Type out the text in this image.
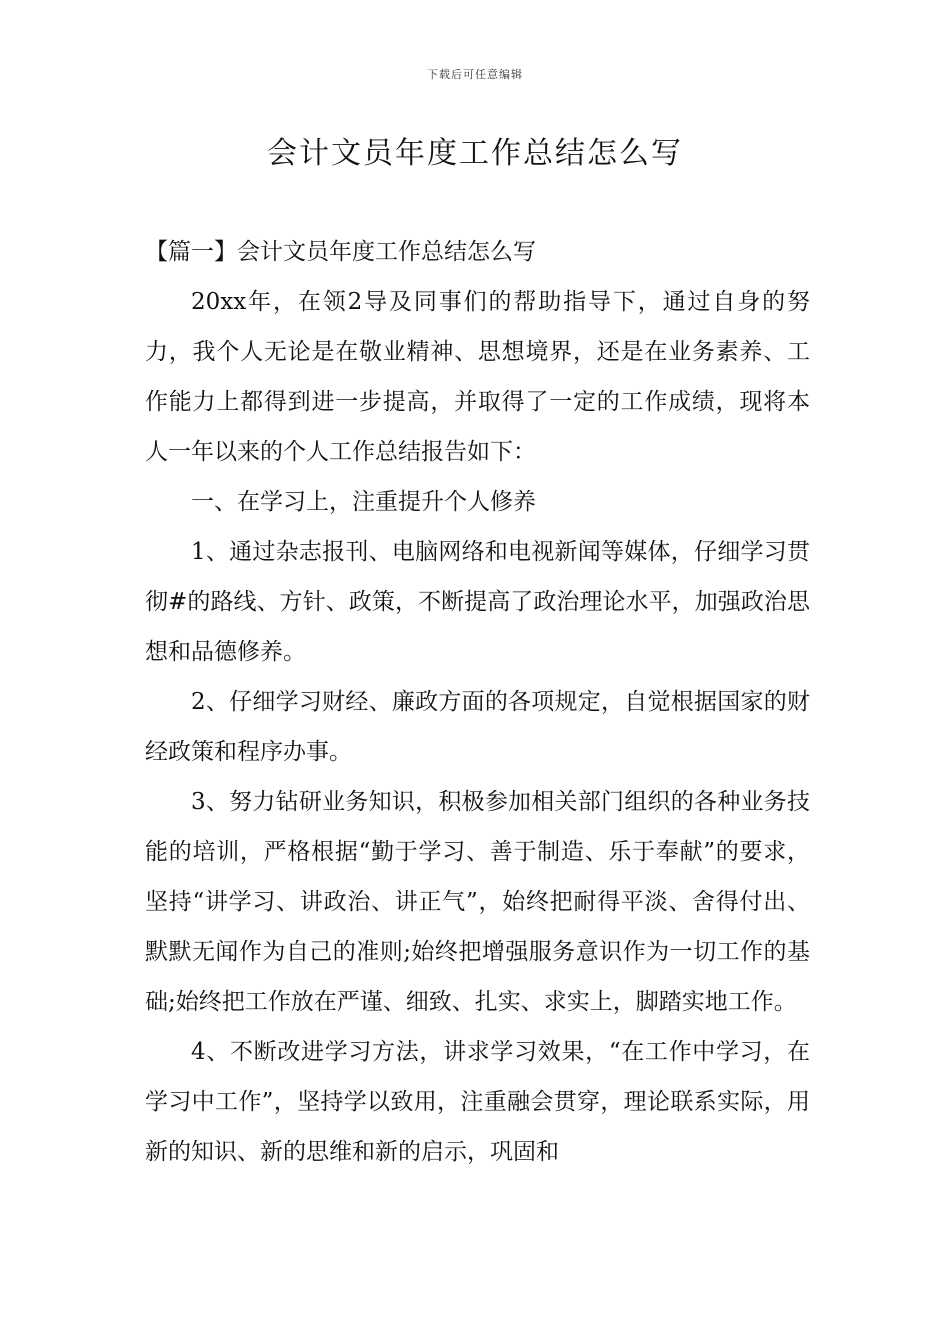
下载后可任意编辑
会计文员年度工作总结怎么写

【篇一】会计文员年度工作总结怎么写

20xx年，在领2导及同事们的帮助指导下，通过自身的努力，我个人无论是在敬业精神、思想境界，还是在业务素养、工作能力上都得到进一步提高，并取得了一定的工作成绩，现将本人一年以来的个人工作总结报告如下：

一、在学习上，注重提升个人修养

1、通过杂志报刊、电脑网络和电视新闻等媒体，仔细学习贯彻#的路线、方针、政策，不断提高了政治理论水平，加强政治思想和品德修养。

2、仔细学习财经、廉政方面的各项规定，自觉根据国家的财经政策和程序办事。

3、努力钻研业务知识，积极参加相关部门组织的各种业务技能的培训，严格根据“勤于学习、善于制造、乐于奉献”的要求，坚持“讲学习、讲政治、讲正气”，始终把耐得平淡、舍得付出、默默无闻作为自己的准则;始终把增强服务意识作为一切工作的基础;始终把工作放在严谨、细致、扎实、求实上，脚踏实地工作。

4、不断改进学习方法，讲求学习效果，“在工作中学习，在学习中工作”，坚持学以致用，注重融会贯穿，理论联系实际，用新的知识、新的思维和新的启示，巩固和
